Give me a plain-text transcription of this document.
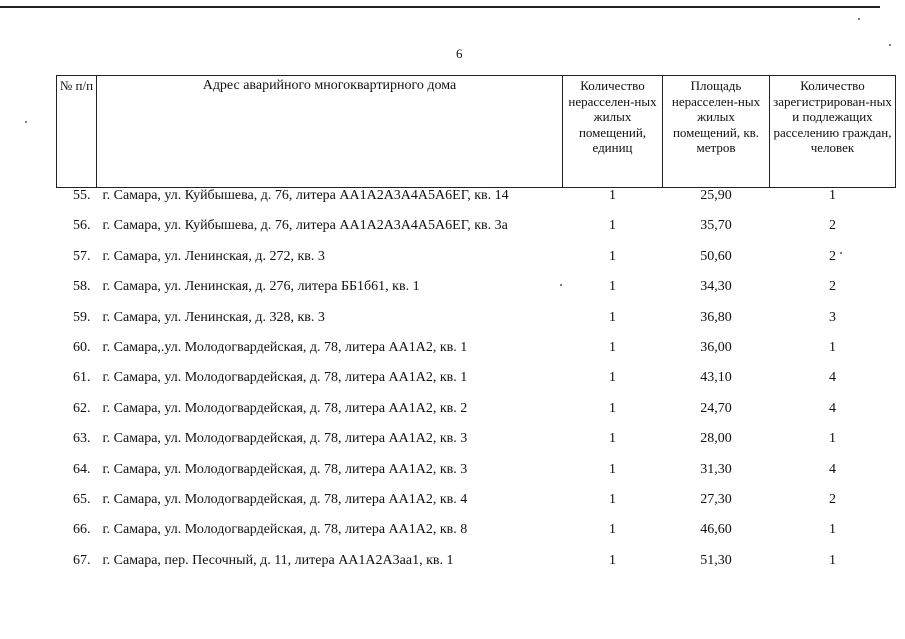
6
№ п/п	Адрес аварийного многоквартирного дома	Количество нерасселен-ных жилых помещений, единиц	Площадь нерасселен-ных жилых помещений, кв. метров	Количество зарегистрирован-ных и подлежащих расселению граждан, человек
55.	г. Самара, ул. Куйбышева, д. 76, литера АА1А2А3А4А5А6ЕГ, кв. 14	1	25,90	1
56.	г. Самара, ул. Куйбышева, д. 76, литера АА1А2А3А4А5А6ЕГ, кв. 3а	1	35,70	2
57.	г. Самара, ул. Ленинская, д. 272, кв. 3	1	50,60	2
58.	г. Самара, ул. Ленинская, д. 276, литера ББ1б61, кв. 1	1	34,30	2
59.	г. Самара, ул. Ленинская, д. 328, кв. 3	1	36,80	3
60.	г. Самара,.ул. Молодогвардейская, д. 78, литера АА1А2, кв. 1	1	36,00	1
61.	г. Самара, ул. Молодогвардейская, д. 78, литера АА1А2, кв. 1	1	43,10	4
62.	г. Самара, ул. Молодогвардейская, д. 78, литера АА1А2, кв. 2	1	24,70	4
63.	г. Самара, ул. Молодогвардейская, д. 78, литера АА1А2, кв. 3	1	28,00	1
64.	г. Самара, ул. Молодогвардейская, д. 78, литера АА1А2, кв. 3	1	31,30	4
65.	г. Самара, ул. Молодогвардейская, д. 78, литера АА1А2, кв. 4	1	27,30	2
66.	г. Самара, ул. Молодогвардейская, д. 78, литера АА1А2, кв. 8	1	46,60	1
67.	г. Самара, пер. Песочный, д. 11, литера АА1А2А3аа1, кв. 1	1	51,30	1
